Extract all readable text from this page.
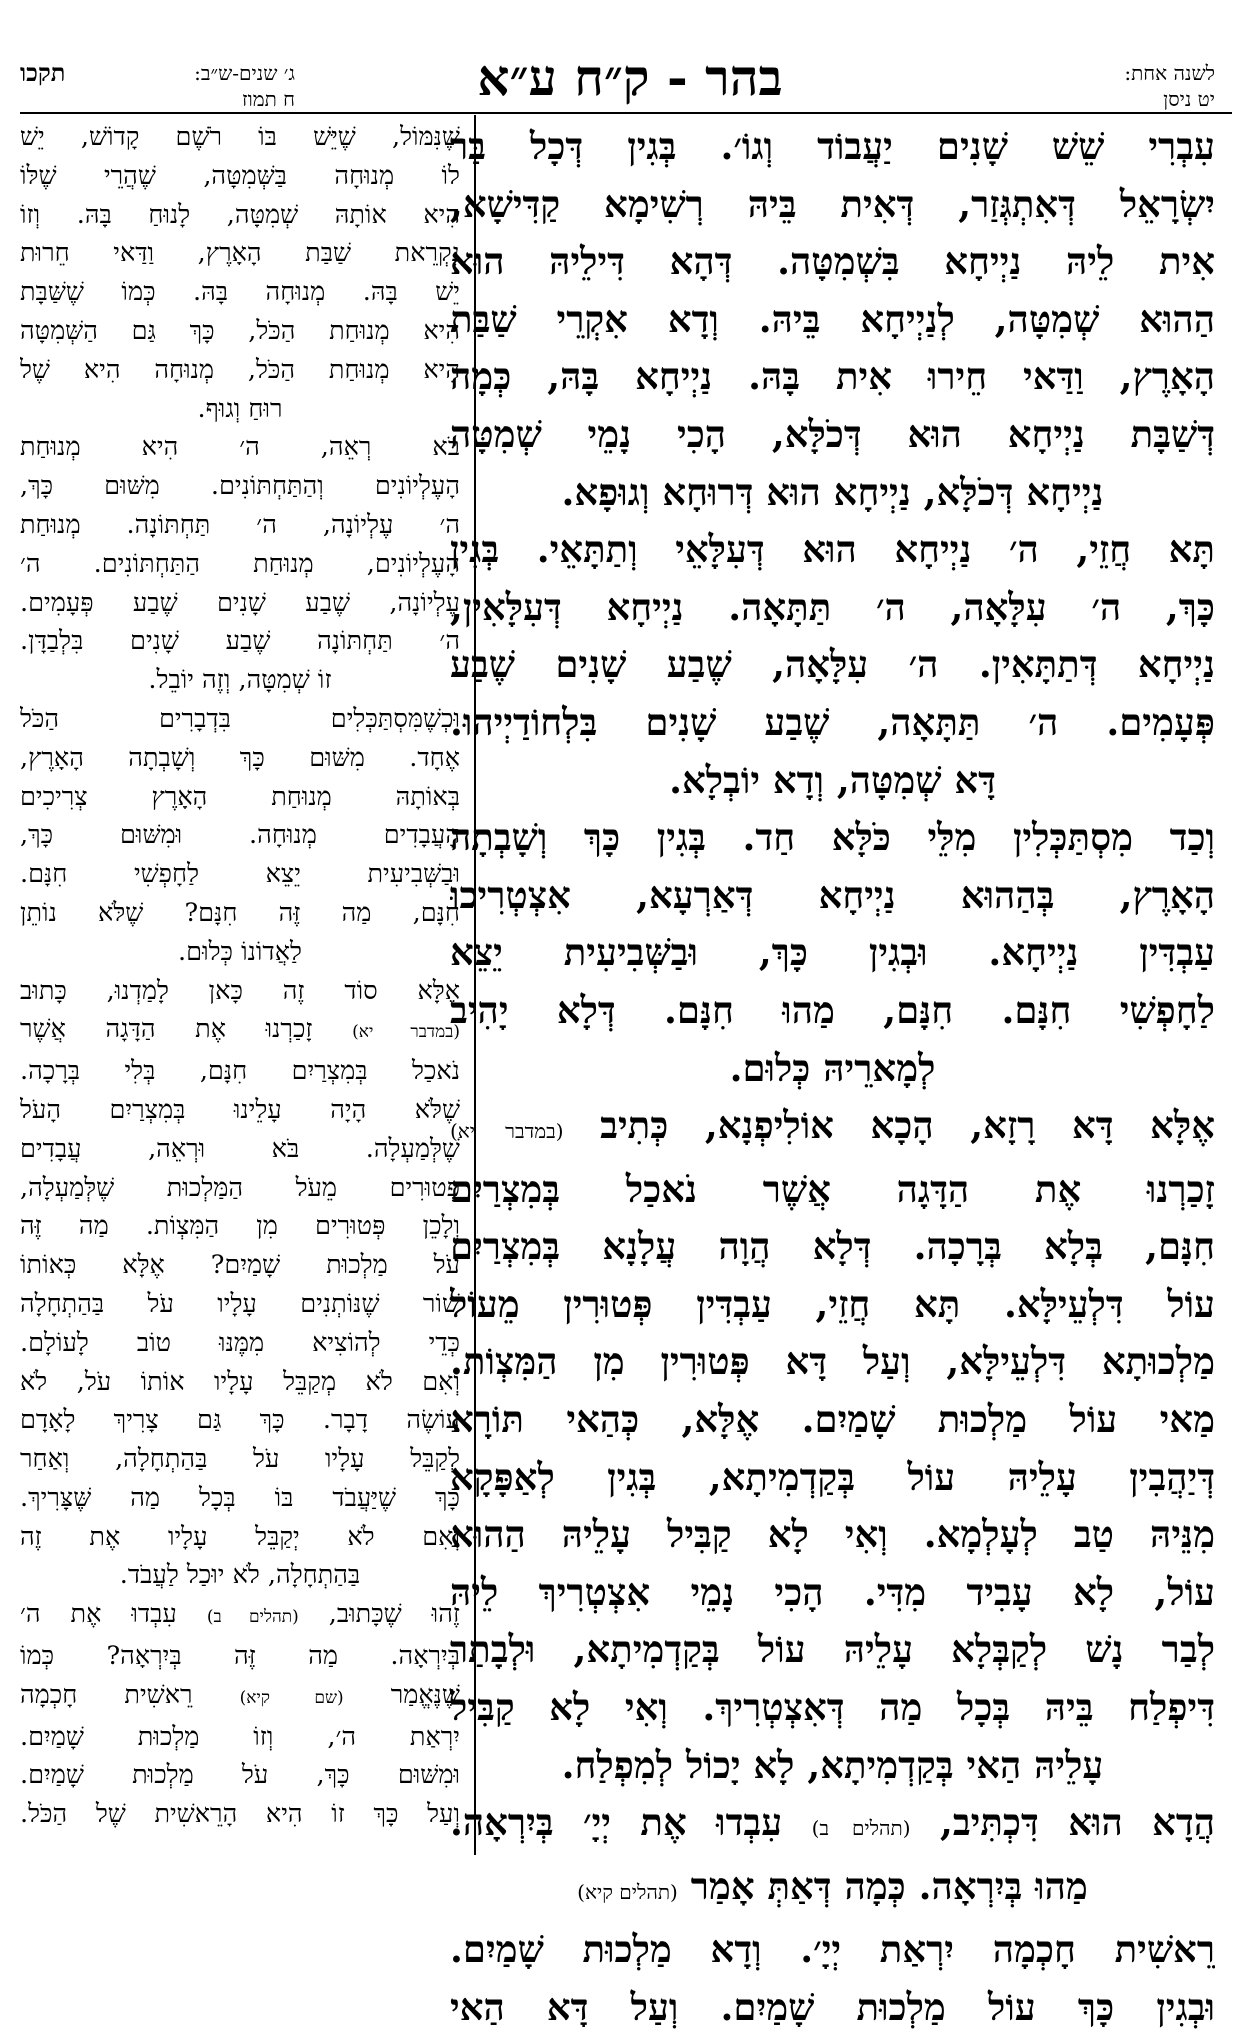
לשנה אחת:
יט ניסן
בהר - ק״ח ע״א
ג׳ שנים-ש״ב:
ח תמוז
תקכו
עִבְרִי שֵׁשׁ שָׁנִים יַעֲבוֹד וְגוֹ׳. בְּגִין דְּכָל בַּר
יִשְׂרָאֵל דְּאִתְגְּזַר, דְּאִית בֵּיהּ רְשִׁימָא קַדִּישָׁא,
אִית לֵיהּ נַיְיחָא בִּשְׁמִטָּה. דְּהָא דִּילֵיהּ הוּא
הַהוּא שְׁמִטָּה, לְנַיְיחָא בֵּיהּ. וְדָא אִקְרֵי שַׁבַּת
הָאָרֶץ, וַדַּאי חֵירוּ אִית בָּהּ. נַיְיחָא בָּהּ, כְּמָה
דְּשַׁבָּת נַיְיחָא הוּא דְּכֹלָּא, הָכִי נָמֵי שְׁמִטָּה
נַיְיחָא דְּכֹלָּא, נַיְיחָא הוּא דְּרוּחָא וְגוּפָא.
תָּא חֲזֵי, ה׳ נַיְיחָא הוּא דְּעִלָּאֵי וְתַתָּאֵי. בְּגִין
כָּךְ, ה׳ עִלָּאָה, ה׳ תַּתָּאָה. נַיְיחָא דְּעִלָּאִין,
נַיְיחָא דְּתַתָּאִין. ה׳ עִלָּאָה, שֶׁבַע שָׁנִים שֶׁבַע
פְּעָמִים. ה׳ תַּתָּאָה, שֶׁבַע שָׁנִים בִּלְחוֹדַיְיהוּ.
דָּא שְׁמִטָּה, וְדָא יוֹבְלָא.
וְכַד מִסְתַּכְּלִין מִלֵּי כֹּלָּא חַד. בְּגִין כָּךְ וְשָׁבְתָה
הָאָרֶץ, בְּהַהוּא נַיְיחָא דְּאַרְעָא, אִצְטְרִיכוּ
עַבְדִּין נַיְיחָא. וּבְגִין כָּךְ, וּבַשְּׁבִיעִית יֵצֵא
לַחָפְשִׁי חִנָּם. חִנָּם, מַהוּ חִנָּם. דְּלָא יָהִיב
לְמָארֵיהּ כְּלוּם.
אֶלָּא דָּא רָזָא, הָכָא אוֹלִיפְנָא, כְּתִיב (במדבר יא)
זָכַרְנוּ אֶת הַדָּגָה אֲשֶׁר נֹאכַל בְּמִצְרַיִם
חִנָּם, בְּלָא בְּרָכָה. דְּלָא הֲוָה עֲלָנָא בְּמִצְרַיִם
עוֹל דִּלְעֵילָּא. תָּא חֲזֵי, עַבְדִּין פְּטוּרִין מֵעוֹל
מַלְכוּתָא דִּלְעֵילָּא, וְעַל דָּא פְּטוּרִין מִן הַמִּצְוֹת.
מַאי עוֹל מַלְכוּת שָׁמַיִם. אֶלָּא, כְּהַאי תּוֹרָא
דְּיַהֲבִין עָלֵיהּ עוֹל בְּקַדְמִיתָא, בְּגִין לְאַפָּקָא
מִנֵּיהּ טַב לְעָלְמָא. וְאִי לָא קַבִּיל עָלֵיהּ הַהוּא
עוֹל, לָא עָבִיד מִדִּי. הָכִי נָמֵי אִצְטְרִיךְ לֵיהּ
לְבַר נָשׁ לְקַבְּלָא עָלֵיהּ עוֹל בְּקַדְמִיתָא, וּלְבָתַר
דִּיפְלַח בֵּיהּ בְּכָל מַה דְּאִצְטְרִיךְ. וְאִי לָא קַבִּיל
עָלֵיהּ הַאי בְּקַדְמִיתָא, לָא יָכוֹל לְמִפְלַח.
הֲדָא הוּא דִּכְתִּיב, (תהלים ב) עִבְדוּ אֶת יְיָ׳ בְּיִרְאָה.
מַהוּ בְּיִרְאָה. כְּמָה דְּאַתְּ אָמַר (תהלים קיא)
רֵאשִׁית חָכְמָה יִרְאַת יְיָ׳. וְדָא מַלְכוּת שָׁמַיִם.
וּבְגִין כָּךְ עוֹל מַלְכוּת שָׁמַיִם. וְעַל דָּא הַאי
שֶׁנִּמּוֹל, שֶׁיֵּשׁ בּוֹ רֹשֶׁם קָדוֹשׁ, יֵשׁ
לוֹ מְנוּחָה בַּשְּׁמִטָּה, שֶׁהֲרֵי שֶׁלּוֹ
הִיא אוֹתָהּ שְׁמִטָּה, לָנוּחַ בָּהּ. וְזוֹ
נִקְרֵאת שַׁבַּת הָאָרֶץ, וַדַּאי חֵרוּת
יֵשׁ בָּהּ. מְנוּחָה בָּהּ. כְּמוֹ שֶׁשַּׁבָּת
הִיא מְנוּחַת הַכֹּל, כָּךְ גַּם הַשְּׁמִטָּה
הִיא מְנוּחַת הַכֹּל, מְנוּחָה הִיא שֶׁל
רוּחַ וְגוּף.
בֹּא רְאֵה, ה׳ הִיא מְנוּחַת
הָעֶלְיוֹנִים וְהַתַּחְתּוֹנִים. מִשּׁוּם כָּךְ,
ה׳ עֶלְיוֹנָה, ה׳ תַּחְתּוֹנָה. מְנוּחַת
הָעֶלְיוֹנִים, מְנוּחַת הַתַּחְתּוֹנִים. ה׳
עֶלְיוֹנָה, שֶׁבַע שָׁנִים שֶׁבַע פְּעָמִים.
ה׳ תַּחְתּוֹנָה שֶׁבַע שָׁנִים בִּלְבַדָּן.
זוֹ שְׁמִטָּה, וְזֶה יוֹבֵל.
וּכְשֶׁמִּסְתַּכְּלִים בִּדְבָרִים הַכֹּל
אֶחָד. מִשּׁוּם כָּךְ וְשָׁבְתָה הָאָרֶץ,
בְּאוֹתָהּ מְנוּחַת הָאָרֶץ צְרִיכִים
הָעֲבָדִים מְנוּחָה. וּמִשּׁוּם כָּךְ,
וּבַשְּׁבִיעִית יֵצֵא לַחָפְשִׁי חִנָּם.
חִנָּם, מַה זֶּה חִנָּם? שֶׁלֹּא נוֹתֵן
לַאֲדוֹנוֹ כְּלוּם.
אֶלָּא סוֹד זֶה כָּאן לָמַדְנוּ, כָּתוּב
(במדבר יא) זָכַרְנוּ אֶת הַדָּגָה אֲשֶׁר
נֹאכַל בְּמִצְרַיִם חִנָּם, בְּלִי בְּרָכָה.
שֶׁלֹּא הָיָה עָלֵינוּ בְּמִצְרַיִם הָעֹל
שֶׁלְּמַעְלָה. בֹּא וּרְאֵה, עֲבָדִים
פְּטוּרִים מֵעֹל הַמַּלְכוּת שֶׁלְּמַעְלָה,
וְלָכֵן פְּטוּרִים מִן הַמִּצְוֹת. מַה זֶּה
עֹל מַלְכוּת שָׁמַיִם? אֶלָּא כְּאוֹתוֹ
שׁוֹר שֶׁנּוֹתְנִים עָלָיו עֹל בַּהַתְחָלָה
כְּדֵי לְהוֹצִיא מִמֶּנּוּ טוֹב לָעוֹלָם.
וְאִם לֹא מְקַבֵּל עָלָיו אוֹתוֹ עֹל, לֹא
עוֹשֶׂה דָבָר. כָּךְ גַּם צָרִיךְ לָאָדָם
לְקַבֵּל עָלָיו עֹל בַּהַתְחָלָה, וְאַחַר
כָּךְ שֶׁיַּעֲבֹד בּוֹ בְּכָל מַה שֶּׁצָּרִיךְ.
וְאִם לֹא יְקַבֵּל עָלָיו אֶת זֶה
בַּהַתְחָלָה, לֹא יוּכַל לַעֲבֹד.
זֶהוּ שֶׁכָּתוּב, (תהלים ב) עִבְדוּ אֶת ה׳
בְּיִרְאָה. מַה זֶּה בְּיִרְאָה? כְּמוֹ
שֶׁנֶּאֱמַר (שם קיא) רֵאשִׁית חָכְמָה
יִרְאַת ה׳, וְזוֹ מַלְכוּת שָׁמַיִם.
וּמִשּׁוּם כָּךְ, עֹל מַלְכוּת שָׁמַיִם.
וְעַל כָּךְ זוֹ הִיא הָרֵאשִׁית שֶׁל הַכֹּל.
